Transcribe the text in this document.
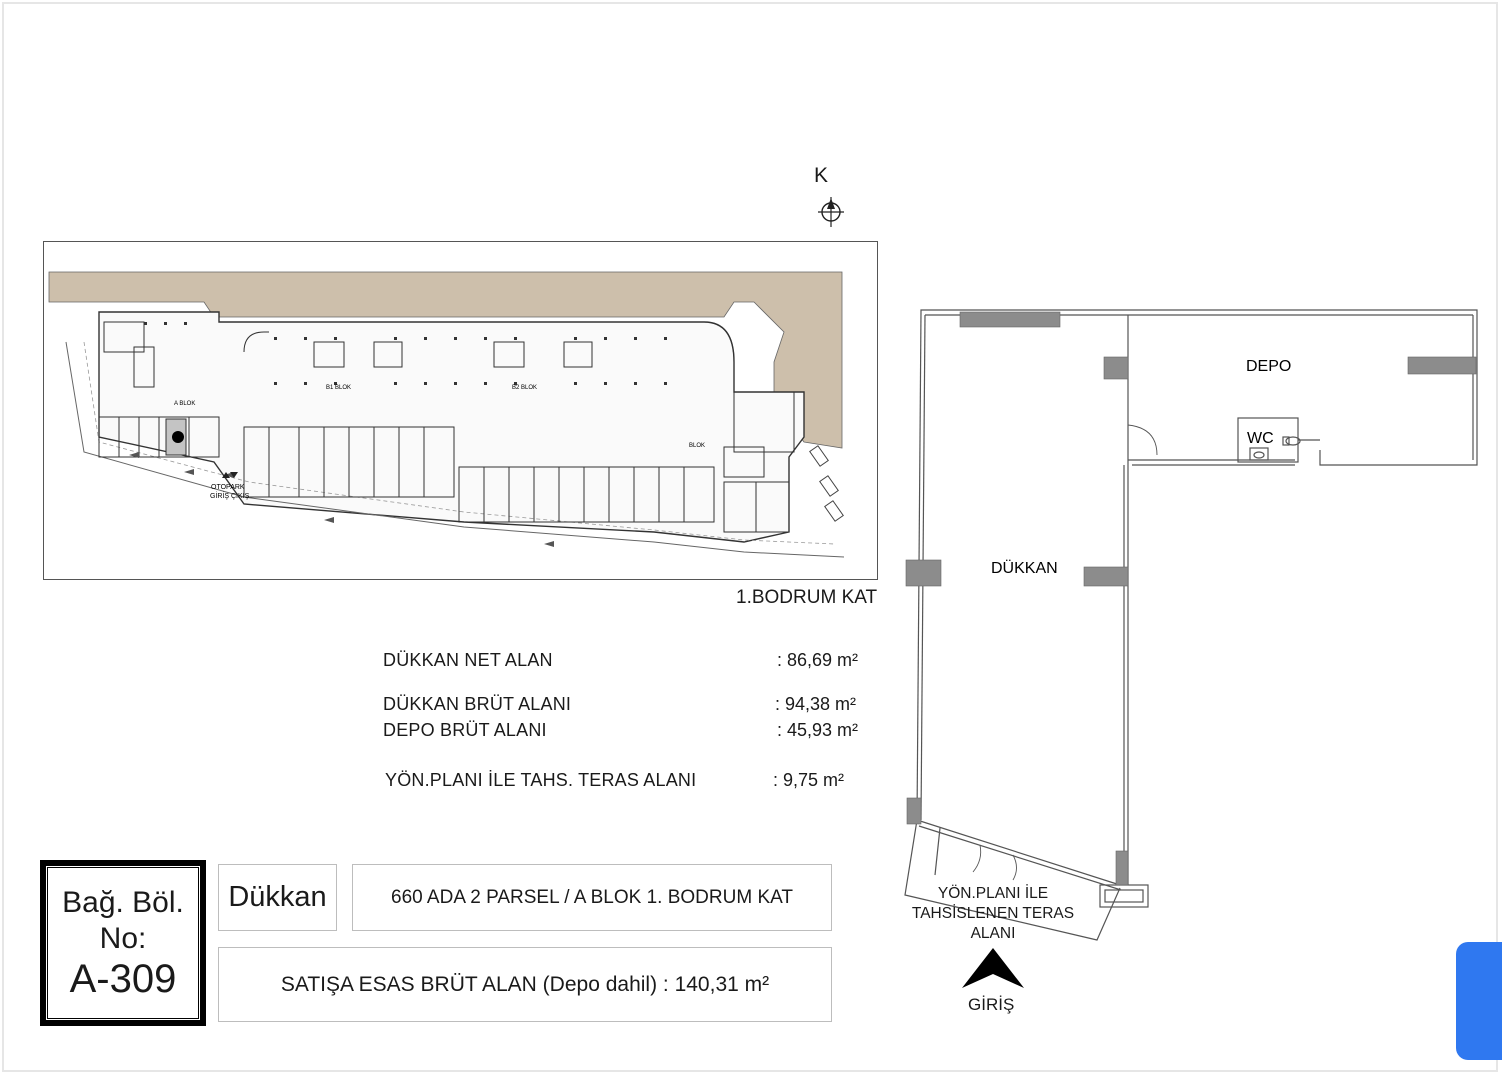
K
A BLOK
B1 BLOK	B2 BLOK
BLOK
OTOPARK
GİRİŞ ÇIKIŞ
1.BODRUM KAT
DÜKKAN NET ALAN	: 86,69 m²
DÜKKAN BRÜT ALANI	: 94,38 m²
DEPO BRÜT ALANI	: 45,93 m²
YÖN.PLANI İLE TAHS. TERAS ALANI	: 9,75 m²
Bağ. Böl.
No:
A-309
Dükkan	660 ADA 2 PARSEL / A BLOK 1. BODRUM KAT
SATIŞA ESAS BRÜT ALAN (Depo dahil) : 140,31 m²
DEPO
WC
DÜKKAN
YÖN.PLANI İLE
TAHSİSLENEN TERAS
ALANI
GİRİŞ
